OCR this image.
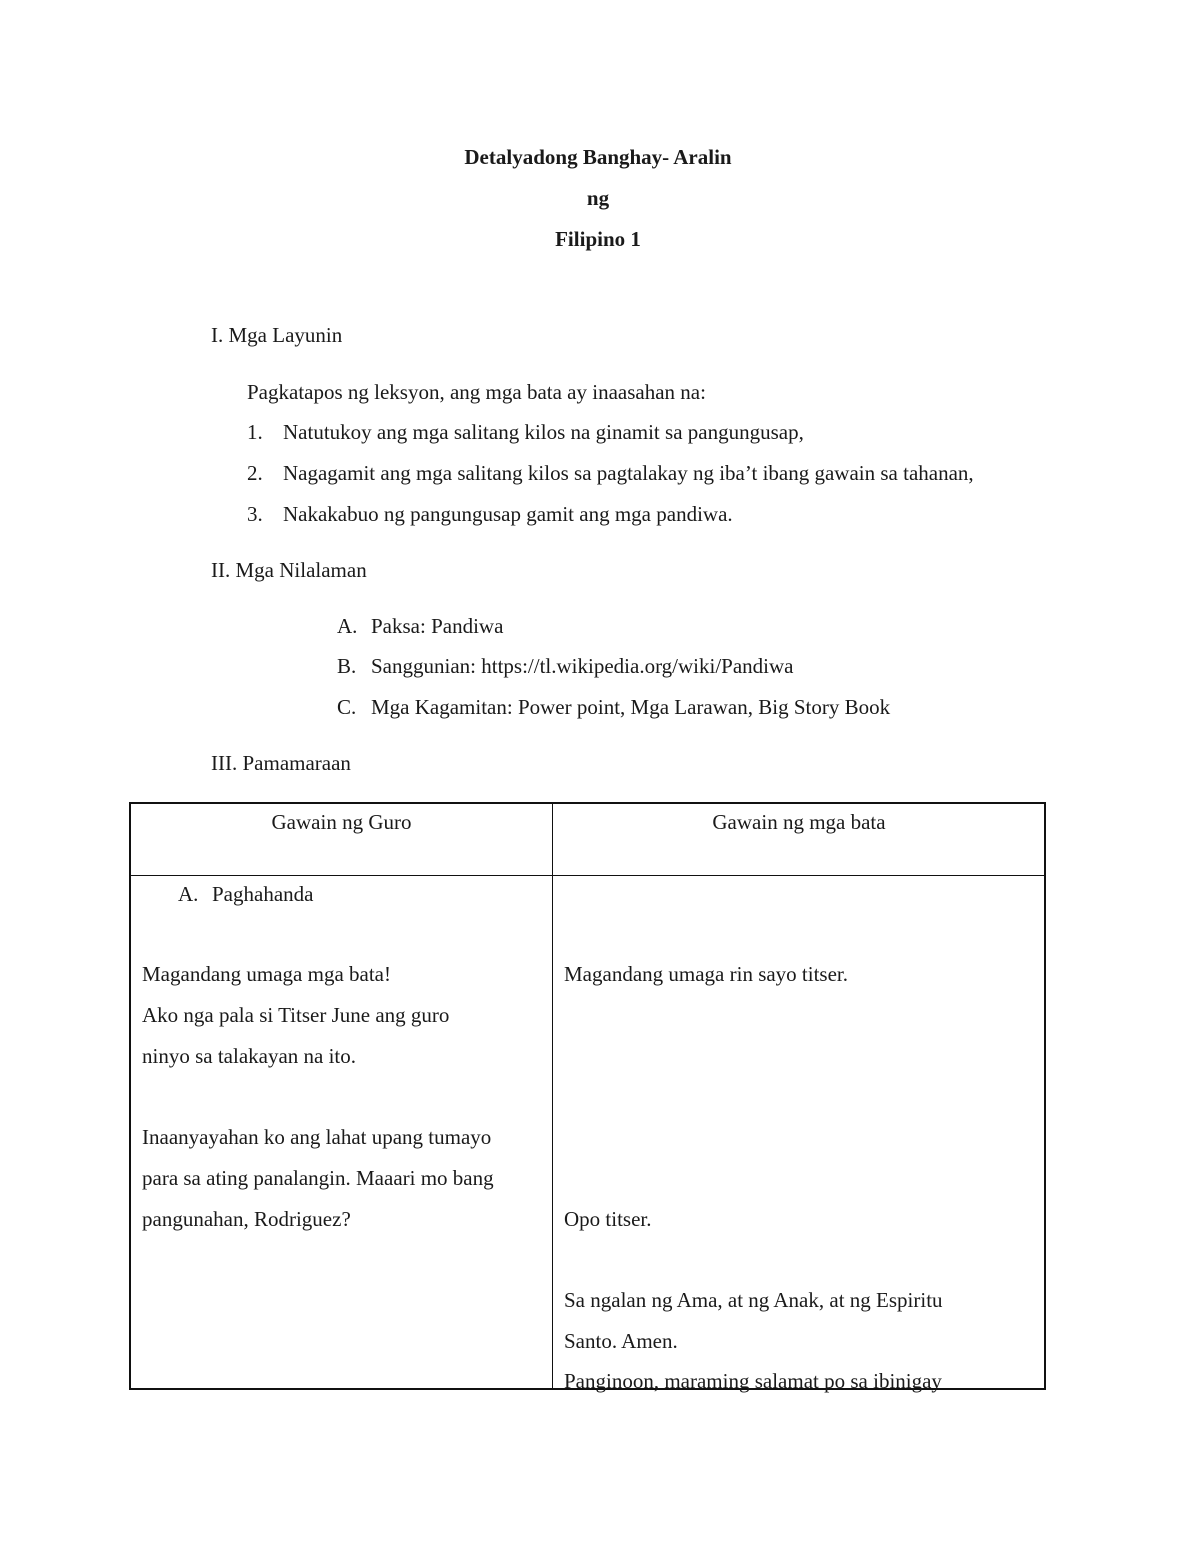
Detalyadong Banghay- Aralin
ng
Filipino 1
I. Mga Layunin
Pagkatapos ng leksyon, ang mga bata ay inaasahan na:
1. Natutukoy ang mga salitang kilos na ginamit sa pangungusap,
2. Nagagamit ang mga salitang kilos sa pagtalakay ng iba’t ibang gawain sa tahanan,
3. Nakakabuo ng pangungusap gamit ang mga pandiwa.
II. Mga Nilalaman
A. Paksa: Pandiwa
B. Sanggunian: https://tl.wikipedia.org/wiki/Pandiwa
C. Mga Kagamitan: Power point, Mga Larawan, Big Story Book
III. Pamamaraan
Gawain ng Guro	Gawain ng mga bata
A. Paghahanda
Magandang umaga mga bata!
Ako nga pala si Titser June ang guro
ninyo sa talakayan na ito.
Inaanyayahan ko ang lahat upang tumayo
para sa ating panalangin. Maaari mo bang
pangunahan, Rodriguez?
Magandang umaga rin sayo titser.
Opo titser.
Sa ngalan ng Ama, at ng Anak, at ng Espiritu
Santo. Amen.
Panginoon, maraming salamat po sa ibinigay
